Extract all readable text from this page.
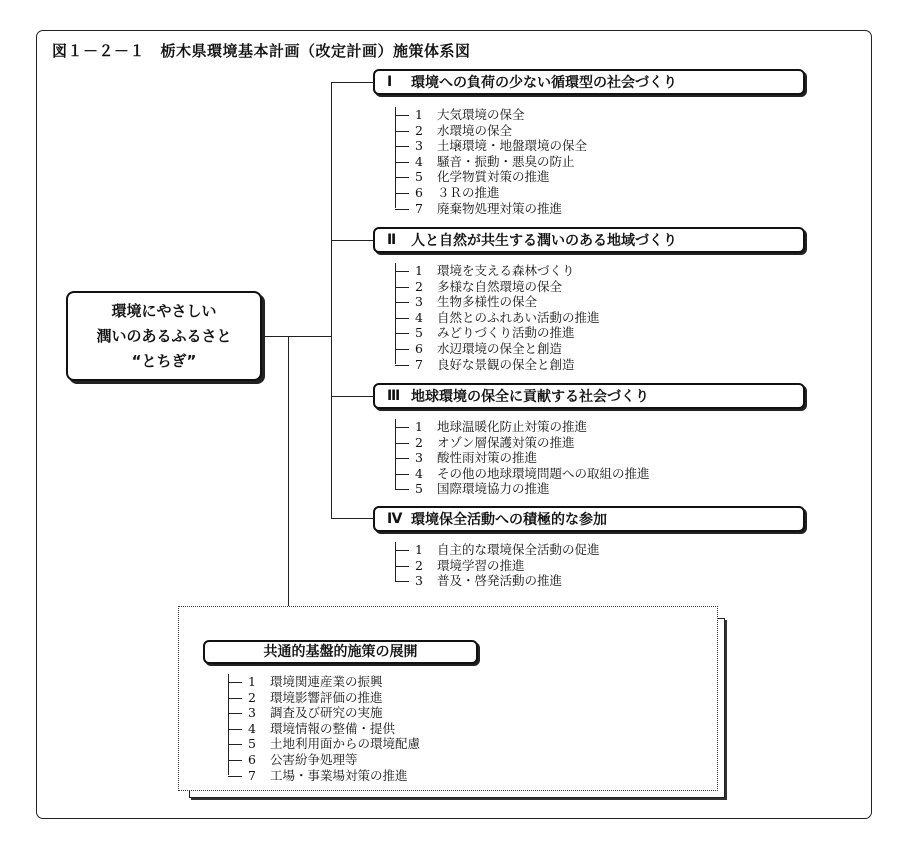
図１－２－１　栃木県環境基本計画（改定計画）施策体系図
環境にやさしい
潤いのあるふるさと
“とちぎ”
Ⅰ	環境への負荷の少ない循環型の社会づくり
1 大気環境の保全
2 水環境の保全
3 土壌環境・地盤環境の保全
4 騒音・振動・悪臭の防止
5 化学物質対策の推進
6 ３Ｒの推進
7 廃棄物処理対策の推進
Ⅱ	人と自然が共生する潤いのある地域づくり
1 環境を支える森林づくり
2 多様な自然環境の保全
3 生物多様性の保全
4 自然とのふれあい活動の推進
5 みどりづくり活動の推進
6 水辺環境の保全と創造
7 良好な景観の保全と創造
Ⅲ 地球環境の保全に貢献する社会づくり
1 地球温暖化防止対策の推進
2 オゾン層保護対策の推進
3 酸性雨対策の推進
4 その他の地球環境問題への取組の推進
5 国際環境協力の推進
Ⅳ 環境保全活動への積極的な参加
1 自主的な環境保全活動の促進
2 環境学習の推進
3 普及・啓発活動の推進
共通的基盤的施策の展開
1 環境関連産業の振興
2 環境影響評価の推進
3 調査及び研究の実施
4 環境情報の整備・提供
5 土地利用面からの環境配慮
6 公害紛争処理等
7 工場・事業場対策の推進
